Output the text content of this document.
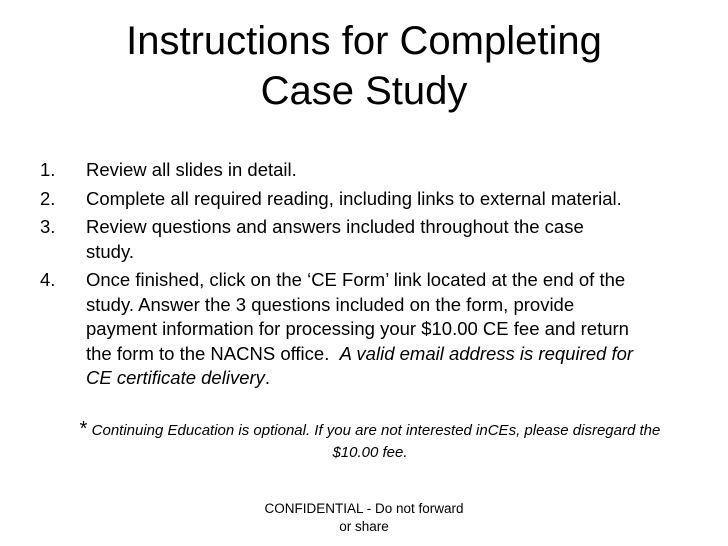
Instructions for Completing
Case Study
1. Review all slides in detail.
2. Complete all required reading, including links to external material.
3. Review questions and answers included throughout the case
study.
4. Once finished, click on the ‘CE Form’ link located at the end of the
study. Answer the 3 questions included on the form, provide
payment information for processing your $10.00 CE fee and return
the form to the NACNS office. A valid email address is required for
CE certificate delivery.
* Continuing Education is optional. If you are not interested inCEs, please disregard the
$10.00 fee.
CONFIDENTIAL - Do not forward
or share
